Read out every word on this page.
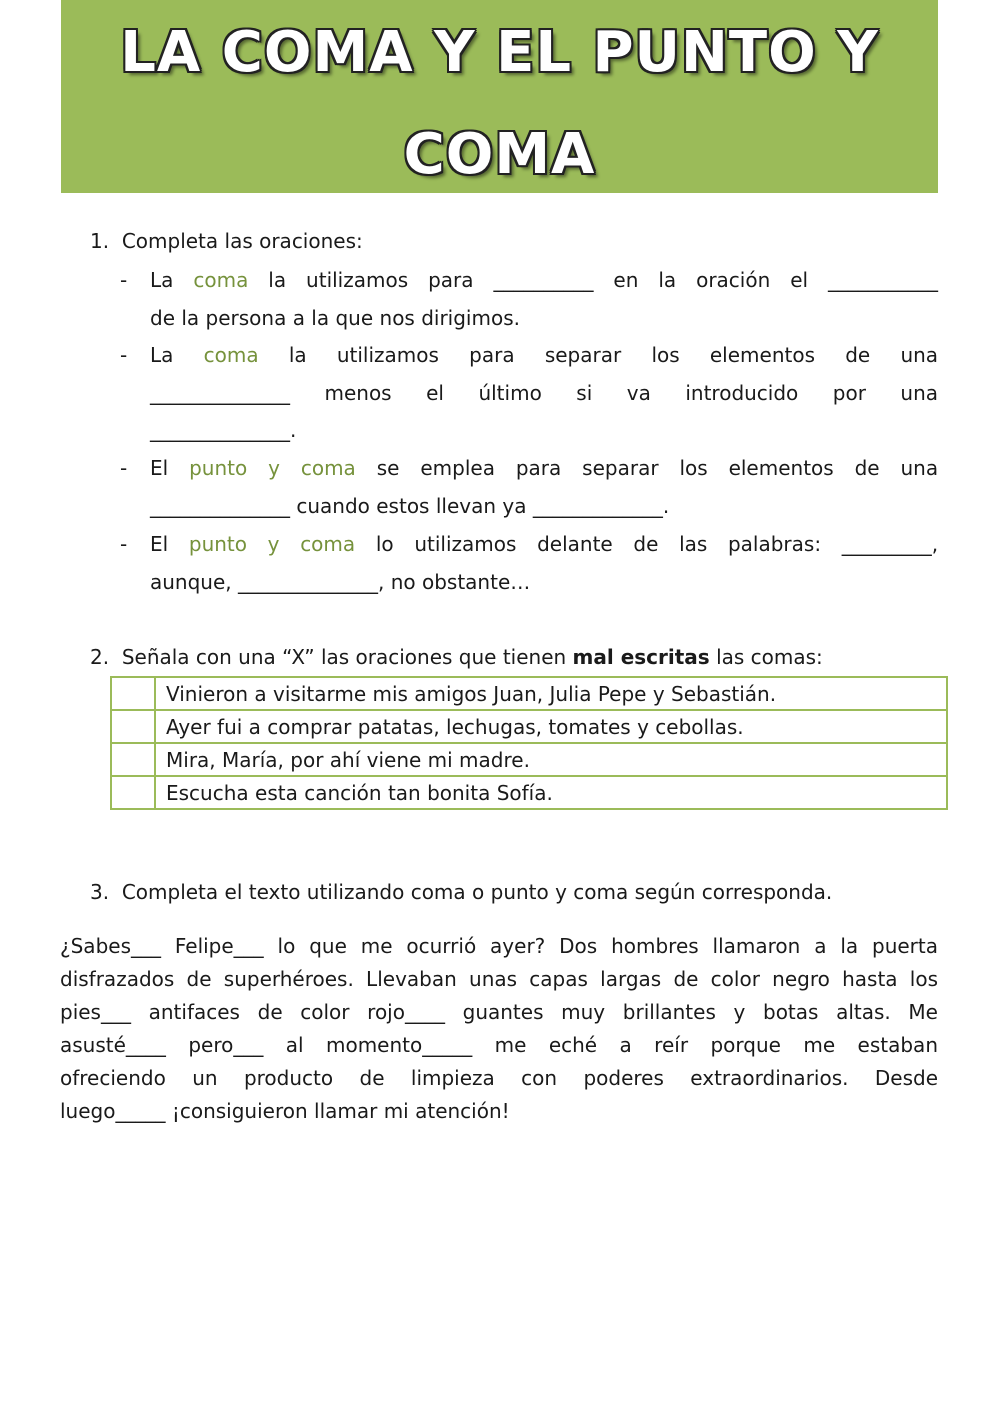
LA COMA Y EL PUNTO Y
COMA
1. Completa las oraciones:
- La coma la utilizamos para __________ en la oración el ___________
de la persona a la que nos dirigimos.
- La coma la utilizamos para separar los elementos de una
______________ menos el último si va introducido por una
______________.
- El punto y coma se emplea para separar los elementos de una
______________ cuando estos llevan ya _____________.
- El punto y coma lo utilizamos delante de las palabras: _________,
aunque, ______________, no obstante…
2. Señala con una “X” las oraciones que tienen mal escritas las comas:
	Vinieron a visitarme mis amigos Juan, Julia Pepe y Sebastián.
	Ayer fui a comprar patatas, lechugas, tomates y cebollas.
	Mira, María, por ahí viene mi madre.
	Escucha esta canción tan bonita Sofía.
3. Completa el texto utilizando coma o punto y coma según corresponda.
¿Sabes___ Felipe___ lo que me ocurrió ayer? Dos hombres llamaron a la puerta
disfrazados de superhéroes. Llevaban unas capas largas de color negro hasta los
pies___ antifaces de color rojo____ guantes muy brillantes y botas altas. Me
asusté____ pero___ al momento_____ me eché a reír porque me estaban
ofreciendo un producto de limpieza con poderes extraordinarios. Desde
luego_____ ¡consiguieron llamar mi atención!
